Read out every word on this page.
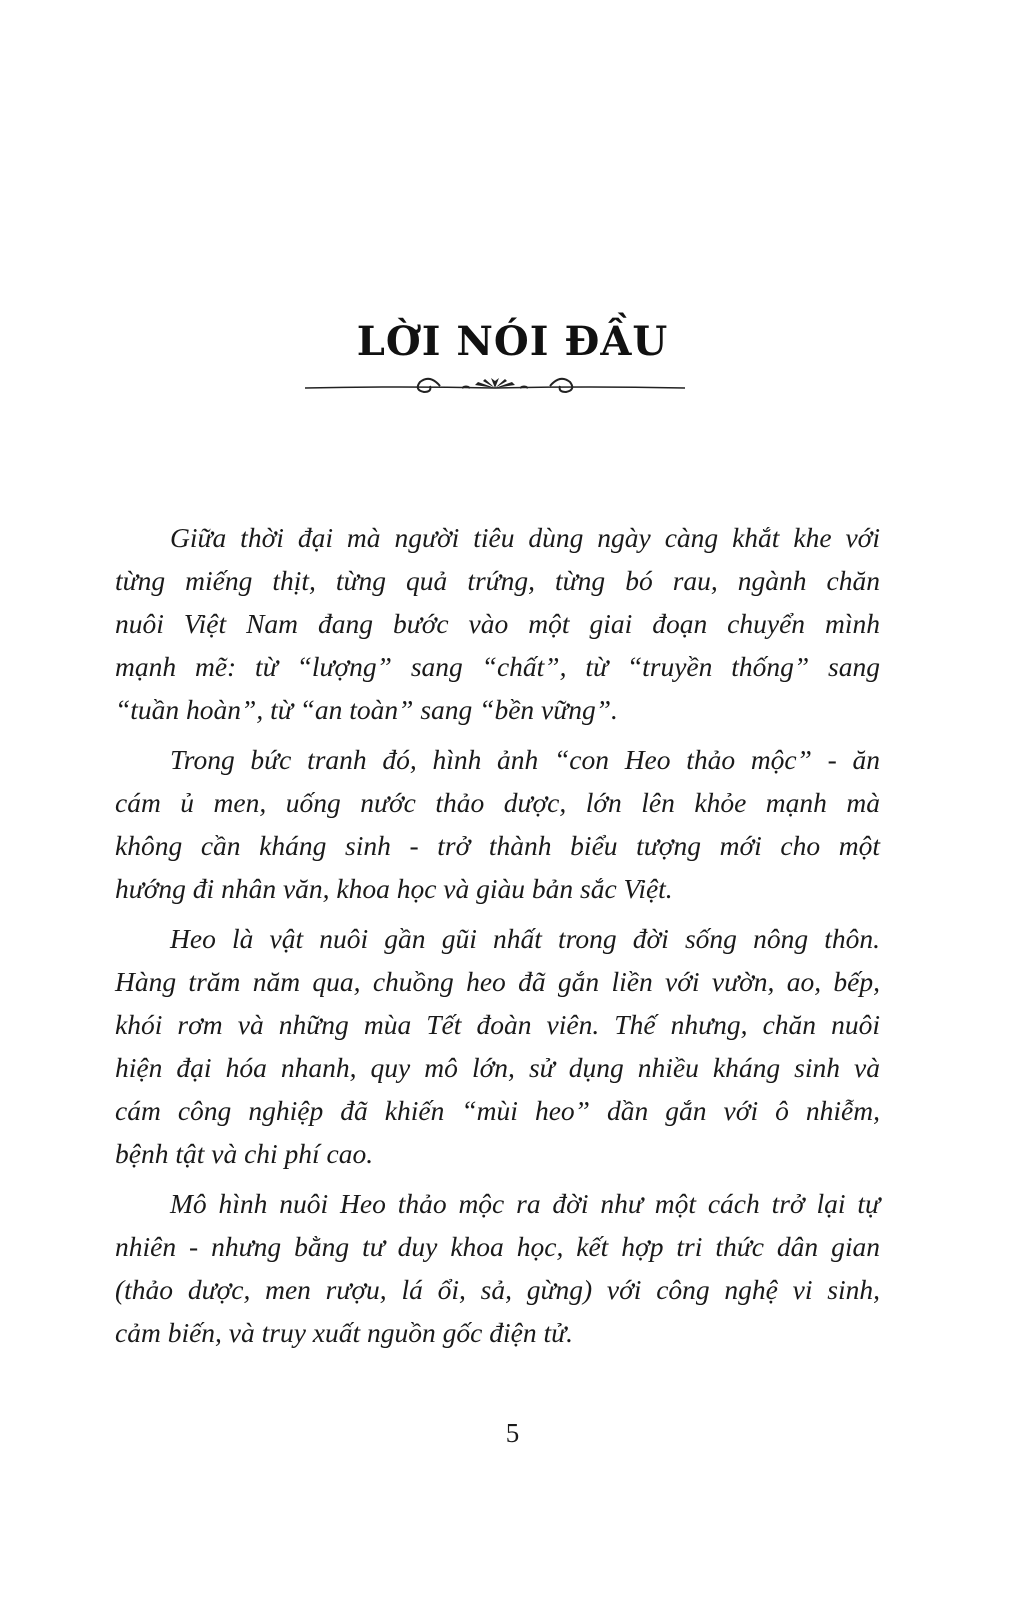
LỜI NÓI ĐẦU
Giữa thời đại mà người tiêu dùng ngày càng khắt khe với
từng miếng thịt, từng quả trứng, từng bó rau, ngành chăn
nuôi Việt Nam đang bước vào một giai đoạn chuyển mình
mạnh mẽ: từ “lượng” sang “chất”, từ “truyền thống” sang
“tuần hoàn”, từ “an toàn” sang “bền vững”.
Trong bức tranh đó, hình ảnh “con Heo thảo mộc” - ăn
cám ủ men, uống nước thảo dược, lớn lên khỏe mạnh mà
không cần kháng sinh - trở thành biểu tượng mới cho một
hướng đi nhân văn, khoa học và giàu bản sắc Việt.
Heo là vật nuôi gần gũi nhất trong đời sống nông thôn.
Hàng trăm năm qua, chuồng heo đã gắn liền với vườn, ao, bếp,
khói rơm và những mùa Tết đoàn viên. Thế nhưng, chăn nuôi
hiện đại hóa nhanh, quy mô lớn, sử dụng nhiều kháng sinh và
cám công nghiệp đã khiến “mùi heo” dần gắn với ô nhiễm,
bệnh tật và chi phí cao.
Mô hình nuôi Heo thảo mộc ra đời như một cách trở lại tự
nhiên - nhưng bằng tư duy khoa học, kết hợp tri thức dân gian
(thảo dược, men rượu, lá ổi, sả, gừng) với công nghệ vi sinh,
cảm biến, và truy xuất nguồn gốc điện tử.
5
